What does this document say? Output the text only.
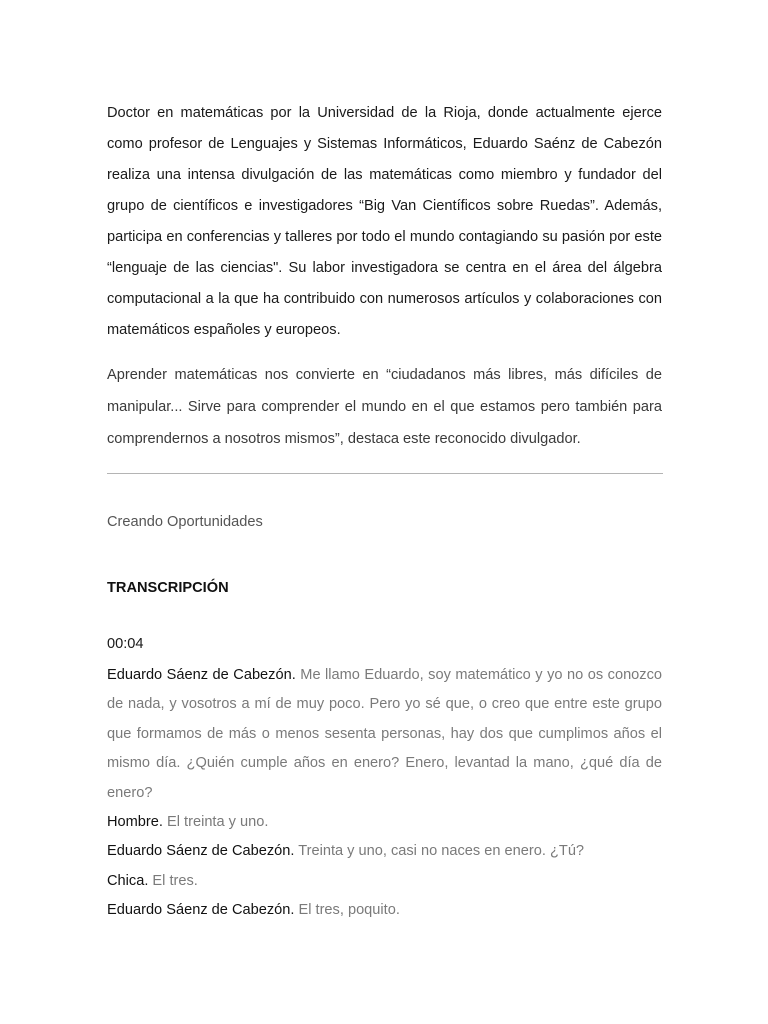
Doctor en matemáticas por la Universidad de la Rioja, donde actualmente ejerce como profesor de Lenguajes y Sistemas Informáticos, Eduardo Saénz de Cabezón realiza una intensa divulgación de las matemáticas como miembro y fundador del grupo de científicos e investigadores “Big Van Científicos sobre Ruedas”. Además, participa en conferencias y talleres por todo el mundo contagiando su pasión por este “lenguaje de las ciencias". Su labor investigadora se centra en el área del álgebra computacional a la que ha contribuido con numerosos artículos y colaboraciones con matemáticos españoles y europeos.

Aprender matemáticas nos convierte en “ciudadanos más libres, más difíciles de manipular... Sirve para comprender el mundo en el que estamos pero también para comprendernos a nosotros mismos”, destaca este reconocido divulgador.

Creando Oportunidades

TRANSCRIPCIÓN

00:04

Eduardo Sáenz de Cabezón. Me llamo Eduardo, soy matemático y yo no os conozco de nada, y vosotros a mí de muy poco. Pero yo sé que, o creo que entre este grupo que formamos de más o menos sesenta personas, hay dos que cumplimos años el mismo día. ¿Quién cumple años en enero? Enero, levantad la mano, ¿qué día de enero?

Hombre. El treinta y uno.

Eduardo Sáenz de Cabezón. Treinta y uno, casi no naces en enero. ¿Tú?

Chica. El tres.

Eduardo Sáenz de Cabezón. El tres, poquito.
